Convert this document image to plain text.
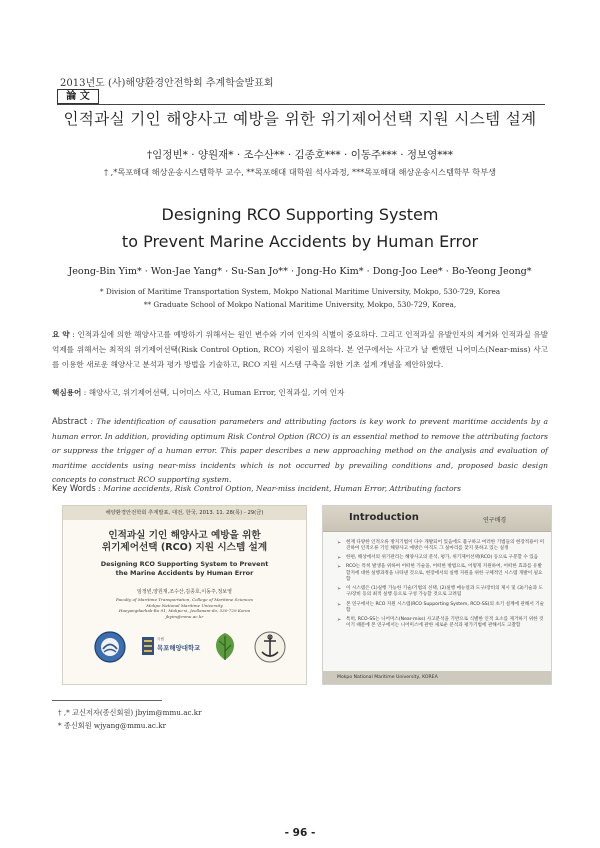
2013년도 (사)해양환경안전학회 추계학술발표회
論 文
인적과실 기인 해양사고 예방을 위한 위기제어선택 지원 시스템 설계
†임정빈* · 양원재* · 조수산** · 김종호*** · 이동주*** · 정보영***
† ,*목포해대 해상운송시스템학부 교수, **목포해대 대학원 석사과정, ***목포해대 해상운송시스템학부 학부생
Designing RCO Supporting System
to Prevent Marine Accidents by Human Error
Jeong-Bin Yim* · Won-Jae Yang* · Su-San Jo** · Jong-Ho Kim* · Dong-Joo Lee* · Bo-Yeong Jeong*
* Division of Maritime Transportation System, Mokpo National Maritime University, Mokpo, 530-729, Korea
** Graduate School of Mokpo National Maritime University, Mokpo, 530-729, Korea,
요 약 : 인적과실에 의한 해양사고를 예방하기 위해서는 원인 변수와 기여 인자의 식별이 중요하다. 그리고 인적과실 유발인자의 제거와 인적과실 유발 억제를 위해서는 최적의 위기제어선택(Risk Control Option, RCO) 지원이 필요하다. 본 연구에서는 사고가 날 뻔했던 니어미스(Near-miss) 사고를 이용한 새로운 해양사고 분석과 평가 방법을 기술하고, RCO 지원 시스템 구축을 위한 기초 설계 개념을 제안하였다.
핵심용어 : 해양사고, 위기제어선택, 니어미스 사고, Human Error, 인적과실, 기여 인자
Abstract : The identification of causation parameters and attributing factors is key work to prevent maritime accidents by a human error. In addition, providing optimum Risk Control Option (RCO) is an essential method to remove the attributing factors or suppress the trigger of a human error. This paper describes a new approaching method on the analysis and evaluation of maritime accidents using near-miss incidents which is not occurred by prevailing conditions and, proposed basic design concepts to construct RCO supporting system.
Key Words : Marine accidents, Risk Control Option, Near-miss incident, Human Error, Attributing factors
해양환경안전학회 추계발표, 대전, 한국, 2013. 11. 28(목) - 29(금)
인적과실 기인 해양사고 예방을 위한
위기제어선택 (RCO) 지원 시스템 설계
Designing RCO Supporting System to Prevent
the Marine Accidents by Human Error
임정빈,양원재,조수산,김종호,이동주,정보영
Faculty of Maritime Transportation, College of Maritime Sciences
Mokpo National Maritime University
Haeyangdaehak-Ro 91, Mokpo-si, Jeollanam-do, 530-729 Korea
jbyim@mmu.ac.kr
국립
목포해양대학교
Introduction	연구배경
➢ 현재 다양한 인적오류 방지기법이 다수 개발되어 있음에도 불구하고 여러한 기법들의 현장적용이 미진하여 인적오류 기인 해양사고 예방은 아직도 그 실마리를 찾지 못하고 있는 실정
➢ 한편, 해상에서의 위기관리는 해양사고의 분석, 평가, 위기제어선택(RCO) 등으로 구분할 수 있음
➢ RCO는 특히 발생을 위하여 어떠한 기술을, 어떠한 방법으로, 어떻게 지원하여, 어떠한 효과를 유발할지에 대한 실행과정을 나타낸 것으로, 현장에서의 실행 지원을 위한 구체적인 시스템 개발이 필요함
➢ 이 시스템은 (1)실행 가능한 기술/기법의 선택, (2)실행 매뉴얼과 도구/장비의 제시 및 (3)기술과 도구/장비 등의 최적 실행 등으로 구성 가능할 것으로 고려됨
➢ 본 연구에서는 RCO 지원 시스템(RCO Supporting System, RCO-SS)의 초기 설계에 관해서 기술함
➢ 특히, RCO-SS는 니어미스(Near-miss) 사고분석을 기반으로 식별한 인적 요소를 제거하기 위한 것이기 때문에 본 연구에서는 니어미스에 관한 새로운 분석과 평가기법에 관해서도 고찰함
Mokpo National Maritime University, KOREA
† ,* 교신저자(종신회원) jbyim@mmu.ac.kr
* 종신회원 wjyang@mmu.ac.kr
- 96 -
